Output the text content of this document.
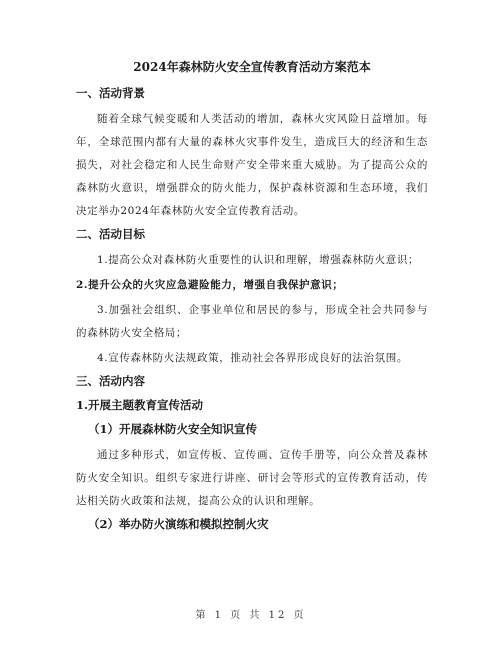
2024年森林防火安全宣传教育活动方案范本
一、活动背景
随着全球气候变暖和人类活动的增加，森林火灾风险日益增加。每年，全球范围内都有大量的森林火灾事件发生，造成巨大的经济和生态损失，对社会稳定和人民生命财产安全带来重大威胁。为了提高公众的森林防火意识，增强群众的防火能力，保护森林资源和生态环境，我们决定举办2024年森林防火安全宣传教育活动。
二、活动目标
1.提高公众对森林防火重要性的认识和理解，增强森林防火意识；
2.提升公众的火灾应急避险能力，增强自我保护意识；
3.加强社会组织、企事业单位和居民的参与，形成全社会共同参与的森林防火安全格局；
4.宣传森林防火法规政策，推动社会各界形成良好的法治氛围。
三、活动内容
1.开展主题教育宣传活动
（1）开展森林防火安全知识宣传
通过多种形式，如宣传板、宣传画、宣传手册等，向公众普及森林防火安全知识。组织专家进行讲座、研讨会等形式的宣传教育活动，传达相关防火政策和法规，提高公众的认识和理解。
（2）举办防火演练和模拟控制火灾
第 1 页 共 12 页
